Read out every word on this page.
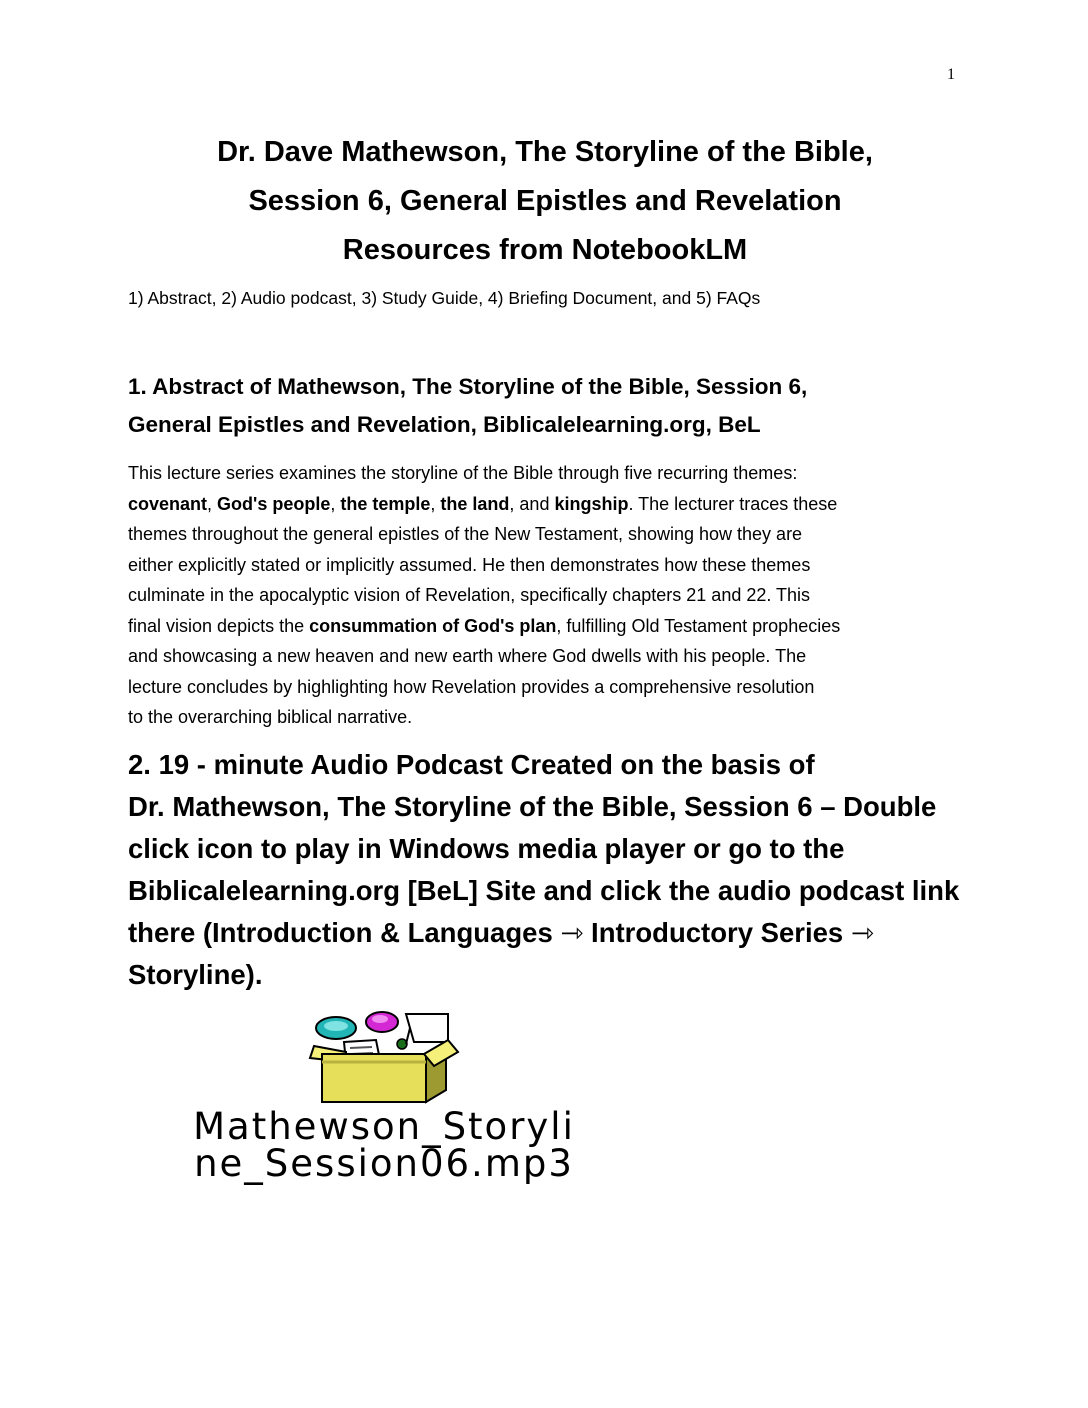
1
Dr. Dave Mathewson, The Storyline of the Bible,
Session 6, General Epistles and Revelation
Resources from NotebookLM
1) Abstract, 2) Audio podcast, 3) Study Guide, 4) Briefing Document, and 5) FAQs
1. Abstract of Mathewson, The Storyline of the Bible, Session 6,
General Epistles and Revelation, Biblicalelearning.org, BeL
This lecture series examines the storyline of the Bible through five recurring themes:
covenant, God's people, the temple, the land, and kingship. The lecturer traces these
themes throughout the general epistles of the New Testament, showing how they are
either explicitly stated or implicitly assumed. He then demonstrates how these themes
culminate in the apocalyptic vision of Revelation, specifically chapters 21 and 22. This
final vision depicts the consummation of God's plan, fulfilling Old Testament prophecies
and showcasing a new heaven and new earth where God dwells with his people. The
lecture concludes by highlighting how Revelation provides a comprehensive resolution
to the overarching biblical narrative.
2. 19 - minute Audio Podcast Created on the basis of
Dr. Mathewson, The Storyline of the Bible, Session 6 – Double
click icon to play in Windows media player or go to the
Biblicalelearning.org [BeL] Site and click the audio podcast link
there (Introduction & Languages ⇾ Introductory Series ⇾
Storyline).
Mathewson_Storyli
ne_Session06.mp3
